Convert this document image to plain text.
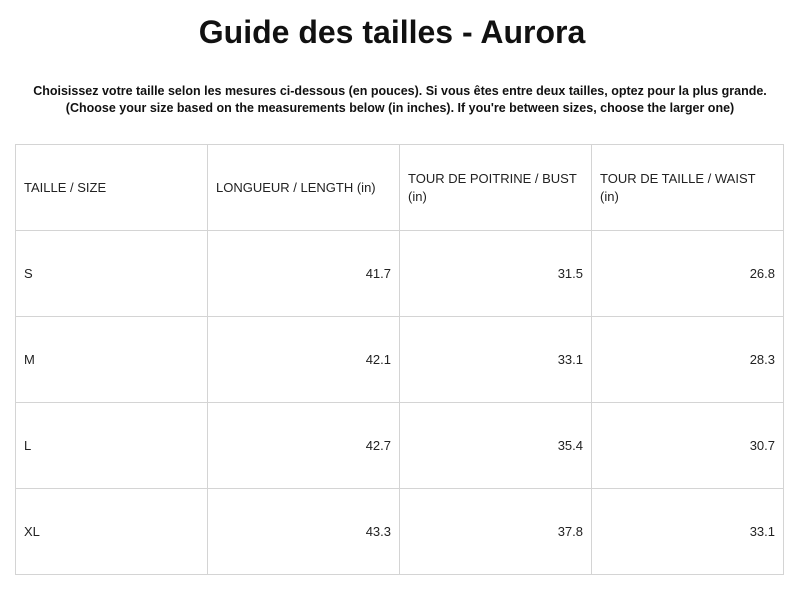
Guide des tailles - Aurora
Choisissez votre taille selon les mesures ci-dessous (en pouces). Si vous êtes entre deux tailles, optez pour la plus grande.
(Choose your size based on the measurements below (in inches). If you're between sizes, choose the larger one)
TAILLE / SIZE	LONGUEUR / LENGTH (in)	TOUR DE POITRINE / BUST (in)	TOUR DE TAILLE / WAIST (in)
S	41.7	31.5	26.8
M	42.1	33.1	28.3
L	42.7	35.4	30.7
XL	43.3	37.8	33.1
